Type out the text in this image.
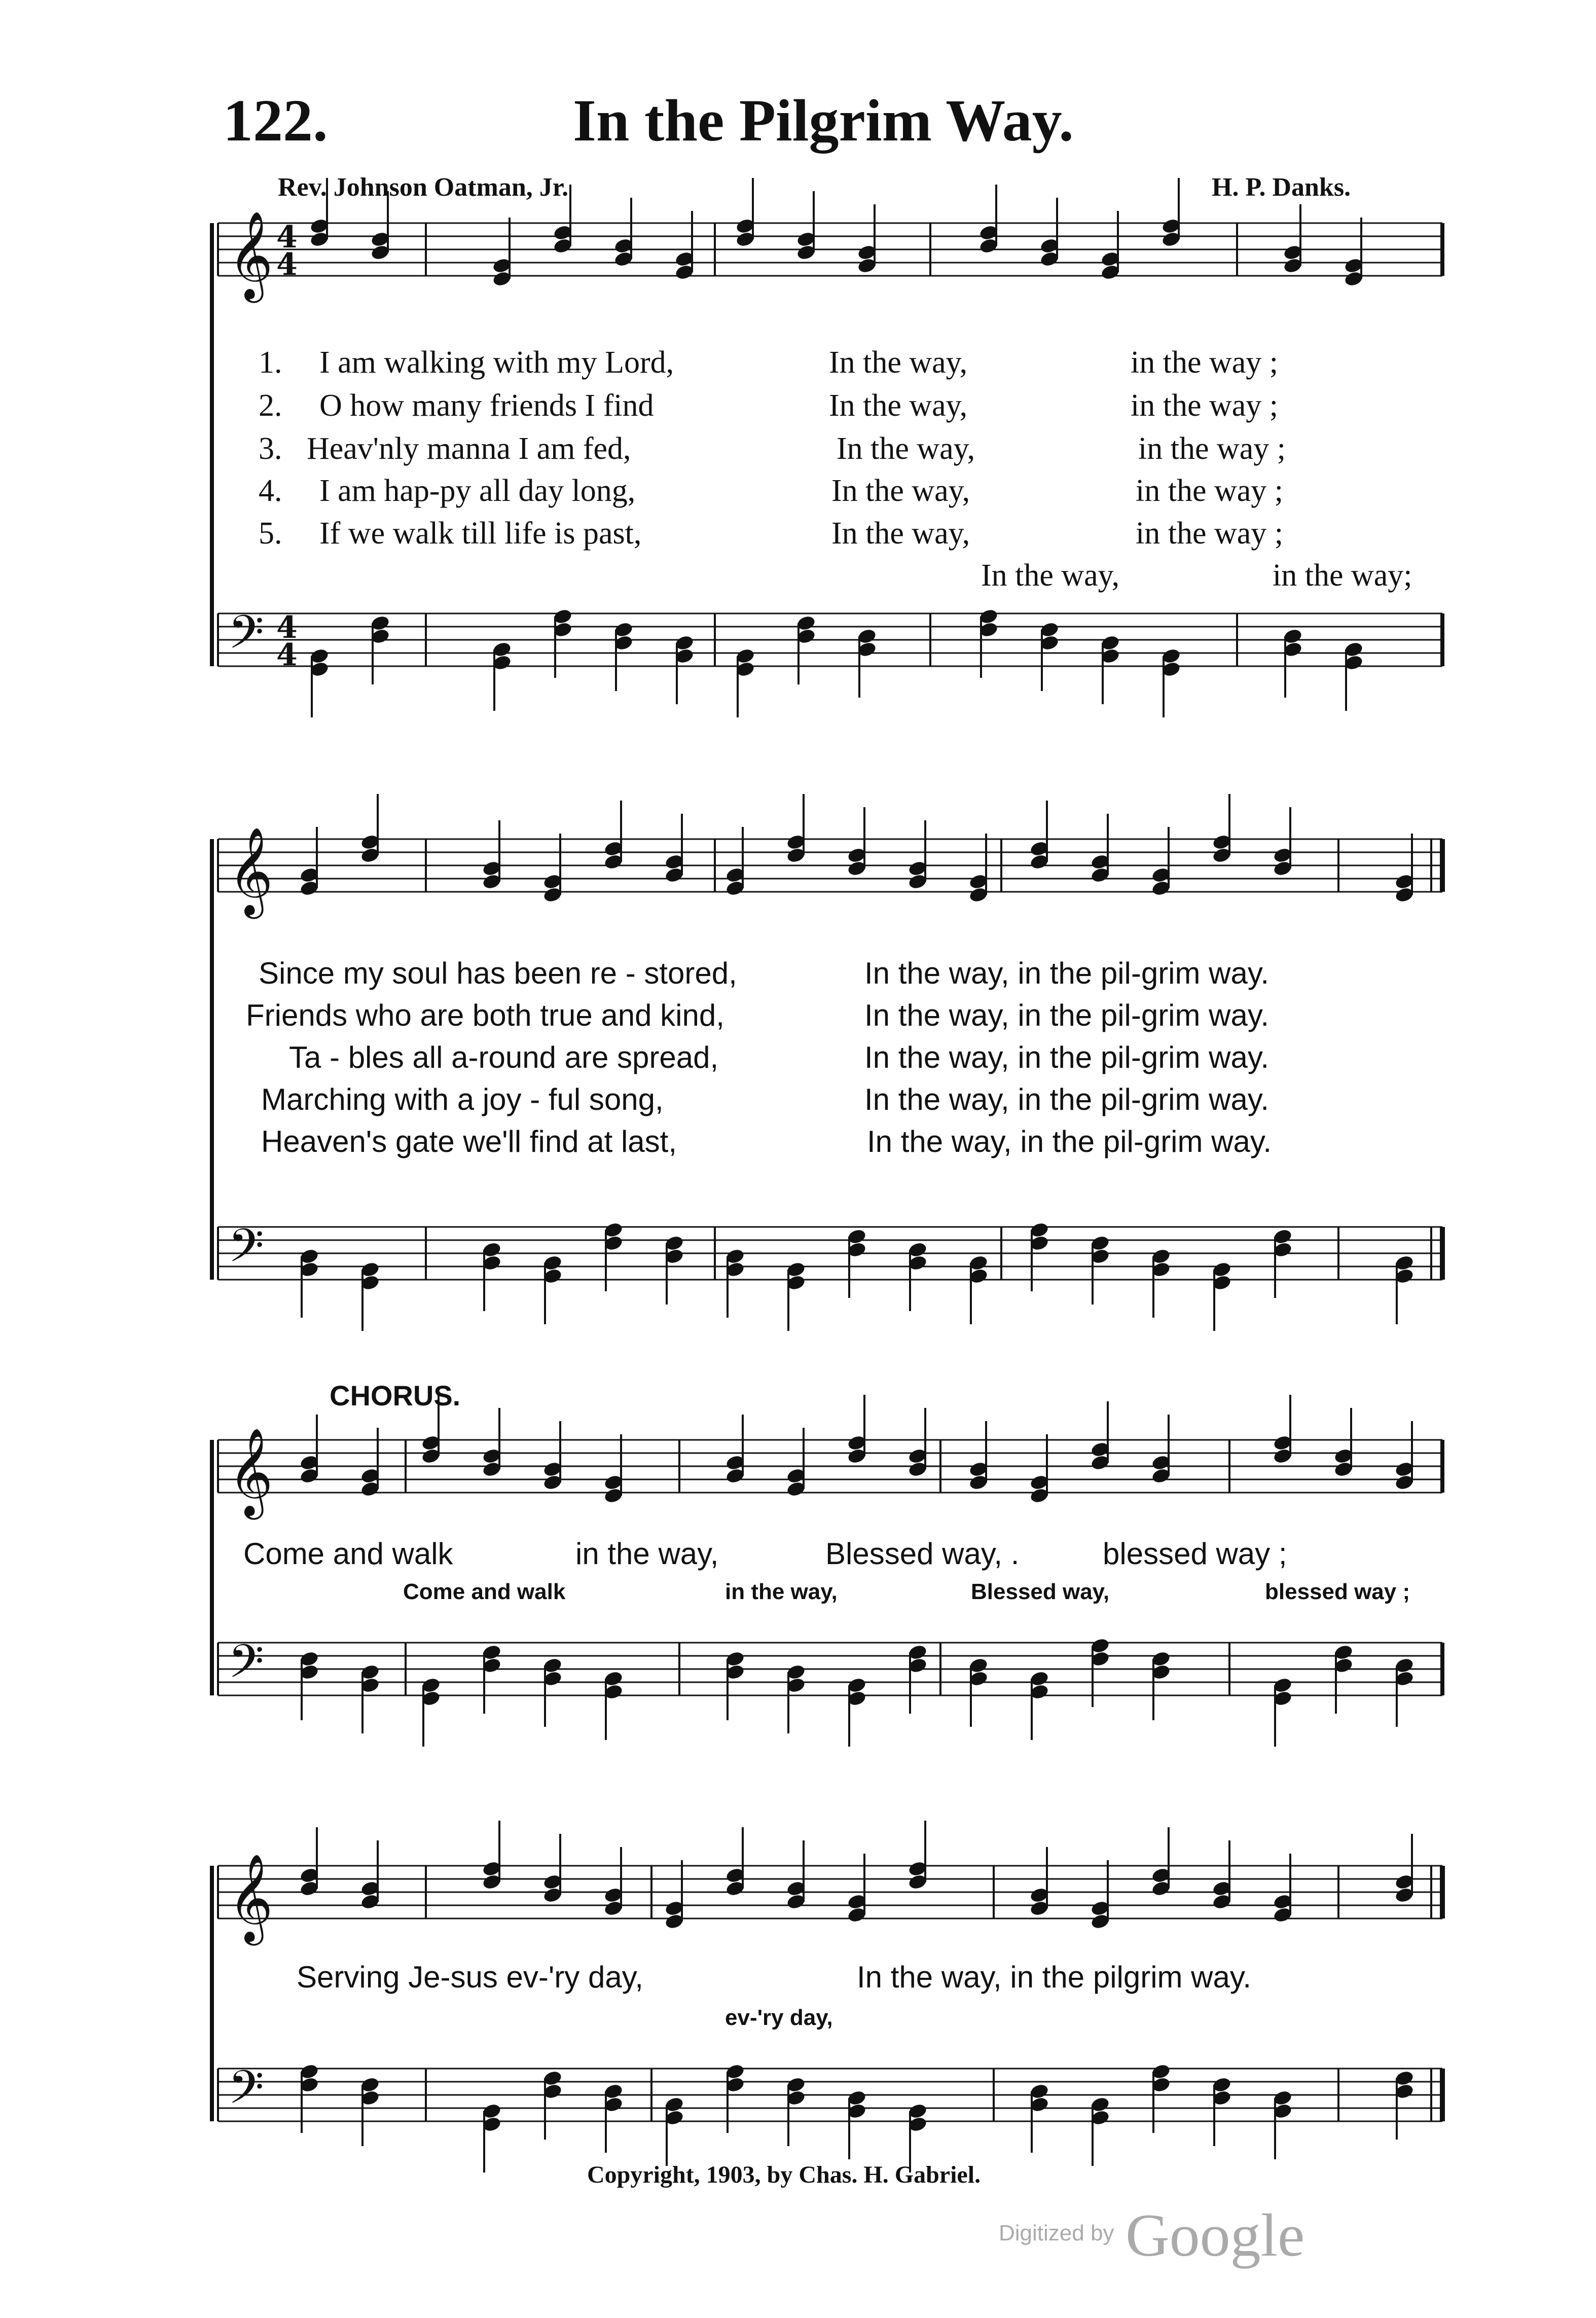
122.	In the Pilgrim Way.
Rev. Johnson Oatman, Jr.	H. P. Danks.
𝄞 4
4
𝄢 4
4
𝄞
𝄢
𝄞
𝄢
𝄞
𝄢
1. I am walking with my Lord,	In the way,	in the way ;
2. O how many friends I find	In the way,	in the way ;
3. Heav'nly manna I am fed,	In the way,	in the way ;
4. I am hap-py all day long,	In the way,	in the way ;
5. If we walk till life is past,	In the way,	in the way ;
In the way,	in the way;
Since my soul has been re - stored,	In the way, in the pil-grim way.
Friends who are both true and kind,	In the way, in the pil-grim way.
Ta - bles all a-round are spread,	In the way, in the pil-grim way.
Marching with a joy - ful song,	In the way, in the pil-grim way.
Heaven's gate we'll find at last,	In the way, in the pil-grim way.
CHORUS.
Come and walk	in the way,	Blessed way, .	blessed way ;
Come and walk	in the way,	Blessed way,	blessed way ;
Serving Je-sus ev-'ry day,	In the way, in the pilgrim way.
ev-'ry day,
Copyright, 1903, by Chas. H. Gabriel.
Digitized by Google
